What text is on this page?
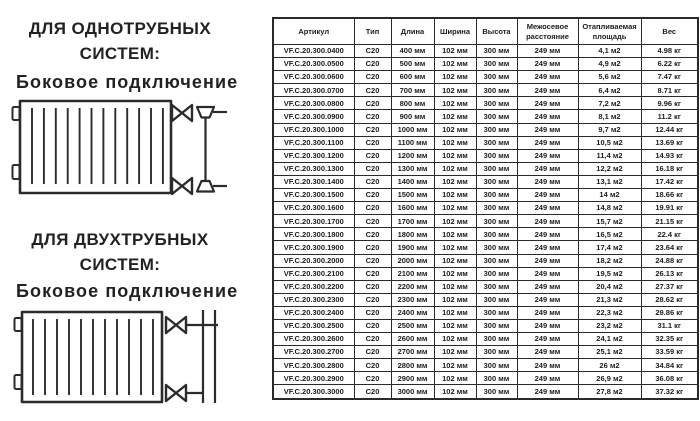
ДЛЯ ОДНОТРУБНЫХ
СИСТЕМ:
Боковое подключение
ДЛЯ ДВУХТРУБНЫХ
СИСТЕМ:
Боковое подключение
Артикул	Тип	Длина	Ширина	Высота	Межосевое расстояние	Отапливаемая площадь	Вес
VF.C.20.300.0400	C20	400 мм	102 мм	300 мм	249 мм	4,1 м2	4.98 кг
VF.C.20.300.0500	C20	500 мм	102 мм	300 мм	249 мм	4,9 м2	6.22 кг
VF.C.20.300.0600	C20	600 мм	102 мм	300 мм	249 мм	5,6 м2	7.47 кг
VF.C.20.300.0700	C20	700 мм	102 мм	300 мм	249 мм	6,4 м2	8.71 кг
VF.C.20.300.0800	C20	800 мм	102 мм	300 мм	249 мм	7,2 м2	9.96 кг
VF.C.20.300.0900	C20	900 мм	102 мм	300 мм	249 мм	8,1 м2	11.2 кг
VF.C.20.300.1000	C20	1000 мм	102 мм	300 мм	249 мм	9,7 м2	12.44 кг
VF.C.20.300.1100	C20	1100 мм	102 мм	300 мм	249 мм	10,5 м2	13.69 кг
VF.C.20.300.1200	C20	1200 мм	102 мм	300 мм	249 мм	11,4 м2	14.93 кг
VF.C.20.300.1300	C20	1300 мм	102 мм	300 мм	249 мм	12,2 м2	16.18 кг
VF.C.20.300.1400	C20	1400 мм	102 мм	300 мм	249 мм	13,1 м2	17.42 кг
VF.C.20.300.1500	C20	1500 мм	102 мм	300 мм	249 мм	14 м2	18.66 кг
VF.C.20.300.1600	C20	1600 мм	102 мм	300 мм	249 мм	14,8 м2	19.91 кг
VF.C.20.300.1700	C20	1700 мм	102 мм	300 мм	249 мм	15,7 м2	21.15 кг
VF.C.20.300.1800	C20	1800 мм	102 мм	300 мм	249 мм	16,5 м2	22.4 кг
VF.C.20.300.1900	C20	1900 мм	102 мм	300 мм	249 мм	17,4 м2	23.64 кг
VF.C.20.300.2000	C20	2000 мм	102 мм	300 мм	249 мм	18,2 м2	24.88 кг
VF.C.20.300.2100	C20	2100 мм	102 мм	300 мм	249 мм	19,5 м2	26.13 кг
VF.C.20.300.2200	C20	2200 мм	102 мм	300 мм	249 мм	20,4 м2	27.37 кг
VF.C.20.300.2300	C20	2300 мм	102 мм	300 мм	249 мм	21,3 м2	28.62 кг
VF.C.20.300.2400	C20	2400 мм	102 мм	300 мм	249 мм	22,3 м2	29.86 кг
VF.C.20.300.2500	C20	2500 мм	102 мм	300 мм	249 мм	23,2 м2	31.1 кг
VF.C.20.300.2600	C20	2600 мм	102 мм	300 мм	249 мм	24,1 м2	32.35 кг
VF.C.20.300.2700	C20	2700 мм	102 мм	300 мм	249 мм	25,1 м2	33.59 кг
VF.C.20.300.2800	C20	2800 мм	102 мм	300 мм	249 мм	26 м2	34.84 кг
VF.C.20.300.2900	C20	2900 мм	102 мм	300 мм	249 мм	26,9 м2	36.08 кг
VF.C.20.300.3000	C20	3000 мм	102 мм	300 мм	249 мм	27,8 м2	37.32 кг
